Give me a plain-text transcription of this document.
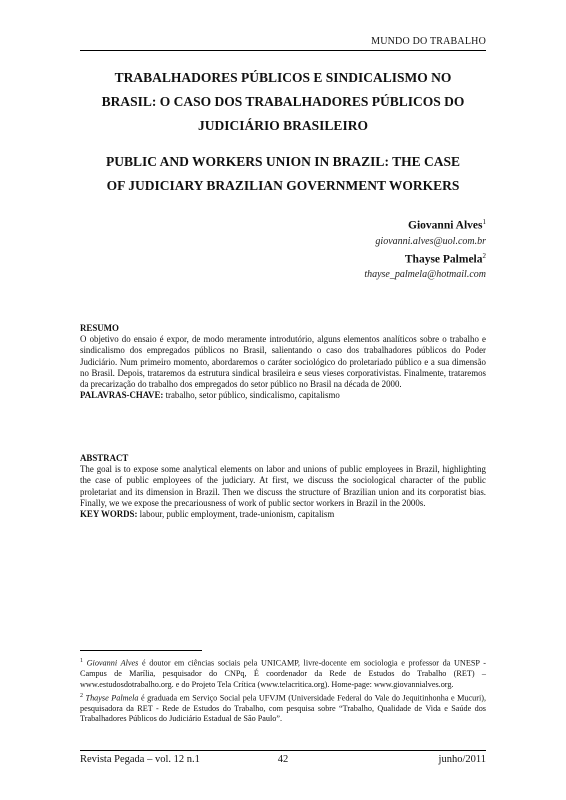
MUNDO DO TRABALHO
TRABALHADORES PÚBLICOS E SINDICALISMO NO
BRASIL: O CASO DOS TRABALHADORES PÚBLICOS DO
JUDICIÁRIO BRASILEIRO
PUBLIC AND WORKERS UNION IN BRAZIL: THE CASE
OF JUDICIARY BRAZILIAN GOVERNMENT WORKERS
Giovanni Alves$^1$
giovanni.alves@uol.com.br
Thayse Palmela$^2$
thayse_palmela@hotmail.com
RESUMO

O objetivo do ensaio é expor, de modo meramente introdutório, alguns elementos analíticos sobre o trabalho e sindicalismo dos empregados públicos no Brasil, salientando o caso dos trabalhadores públicos do Poder Judiciário. Num primeiro momento, abordaremos o caráter sociológico do proletariado público e a sua dimensão no Brasil. Depois, trataremos da estrutura sindical brasileira e seus vieses corporativistas. Finalmente, trataremos da precarização do trabalho dos empregados do setor público no Brasil na década de 2000.

PALAVRAS-CHAVE: trabalho, setor público, sindicalismo, capitalismo

ABSTRACT

The goal is to expose some analytical elements on labor and unions of public employees in Brazil, highlighting the case of public employees of the judiciary. At first, we discuss the sociological character of the public proletariat and its dimension in Brazil. Then we discuss the structure of Brazilian union and its corporatist bias. Finally, we we expose the precariousness of work of public sector workers in Brazil in the 2000s.

KEY WORDS: labour, public employment, trade-unionism, capitalism

$^1$ Giovanni Alves é doutor em ciências sociais pela UNICAMP, livre-docente em sociologia e professor da UNESP - Campus de Marília, pesquisador do CNPq, É coordenador da Rede de Estudos do Trabalho (RET) – www.estudosdotrabalho.org. e do Projeto Tela Crítica (www.telacritica.org). Home-page: www.giovannialves.org.

$^2$ Thayse Palmela é graduada em Serviço Social pela UFVJM (Universidade Federal do Vale do Jequitinhonha e Mucuri), pesquisadora da RET - Rede de Estudos do Trabalho, com pesquisa sobre “Trabalho, Qualidade de Vida e Saúde dos Trabalhadores Públicos do Judiciário Estadual de São Paulo”.

Revista Pegada – vol. 12 n.1	42	junho/2011
